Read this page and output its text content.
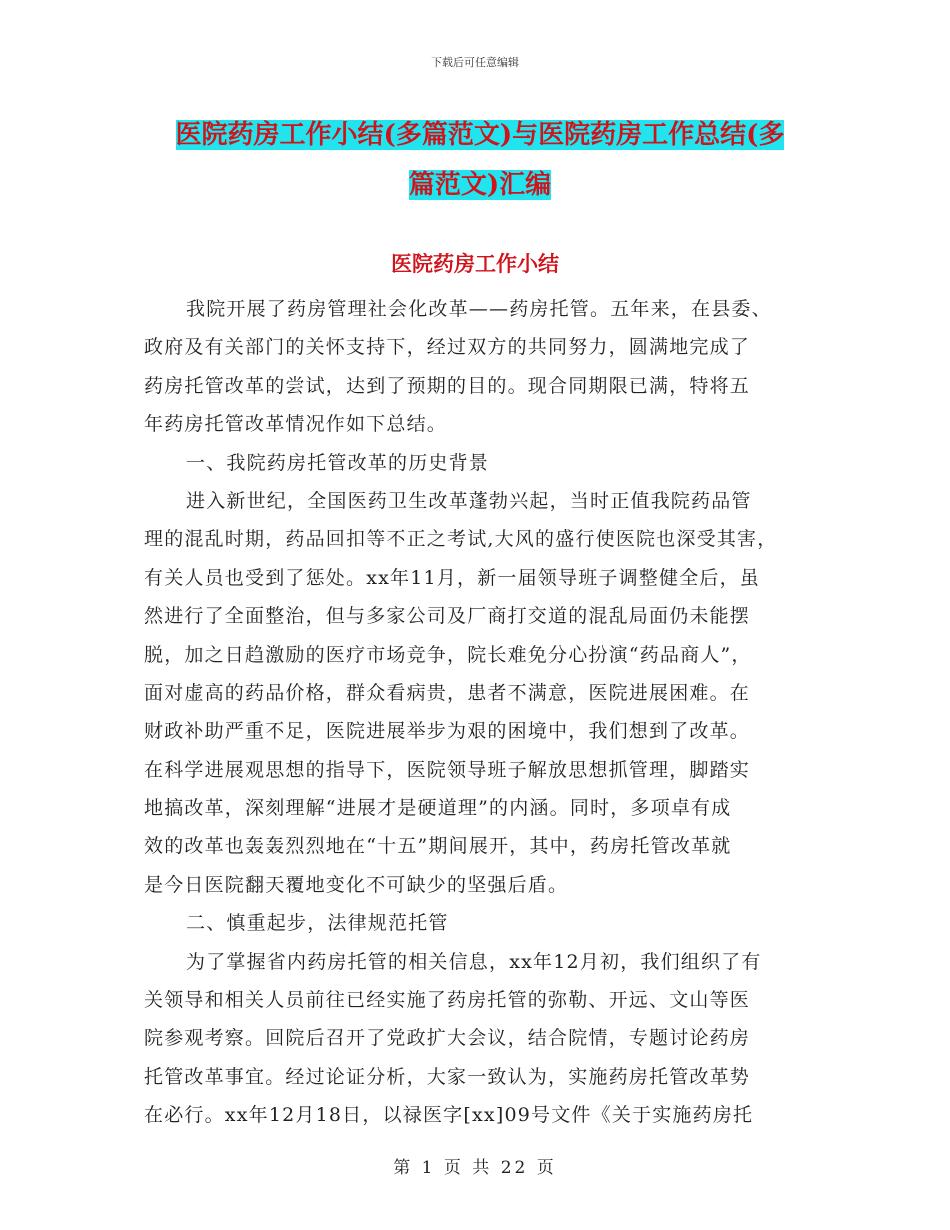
下载后可任意编辑
医院药房工作小结(多篇范文)与医院药房工作总结(多
篇范文)汇编
医院药房工作小结
我院开展了药房管理社会化改革——药房托管。五年来，在县委、
政府及有关部门的关怀支持下，经过双方的共同努力，圆满地完成了
药房托管改革的尝试，达到了预期的目的。现合同期限已满，特将五
年药房托管改革情况作如下总结。
一、我院药房托管改革的历史背景
进入新世纪，全国医药卫生改革蓬勃兴起，当时正值我院药品管
理的混乱时期，药品回扣等不正之考试,大风的盛行使医院也深受其害，
有关人员也受到了惩处。xx年11月，新一届领导班子调整健全后，虽
然进行了全面整治，但与多家公司及厂商打交道的混乱局面仍未能摆
脱，加之日趋激励的医疗市场竞争，院长难免分心扮演“药品商人”，
面对虚高的药品价格，群众看病贵，患者不满意，医院进展困难。在
财政补助严重不足，医院进展举步为艰的困境中，我们想到了改革。
在科学进展观思想的指导下，医院领导班子解放思想抓管理，脚踏实
地搞改革，深刻理解“进展才是硬道理”的内涵。同时，多项卓有成
效的改革也轰轰烈烈地在“十五”期间展开，其中，药房托管改革就
是今日医院翻天覆地变化不可缺少的坚强后盾。
二、慎重起步，法律规范托管
为了掌握省内药房托管的相关信息，xx年12月初，我们组织了有
关领导和相关人员前往已经实施了药房托管的弥勒、开远、文山等医
院参观考察。回院后召开了党政扩大会议，结合院情，专题讨论药房
托管改革事宜。经过论证分析，大家一致认为，实施药房托管改革势
在必行。xx年12月18日，以禄医字[xx]09号文件《关于实施药房托
第 1 页 共 22 页
